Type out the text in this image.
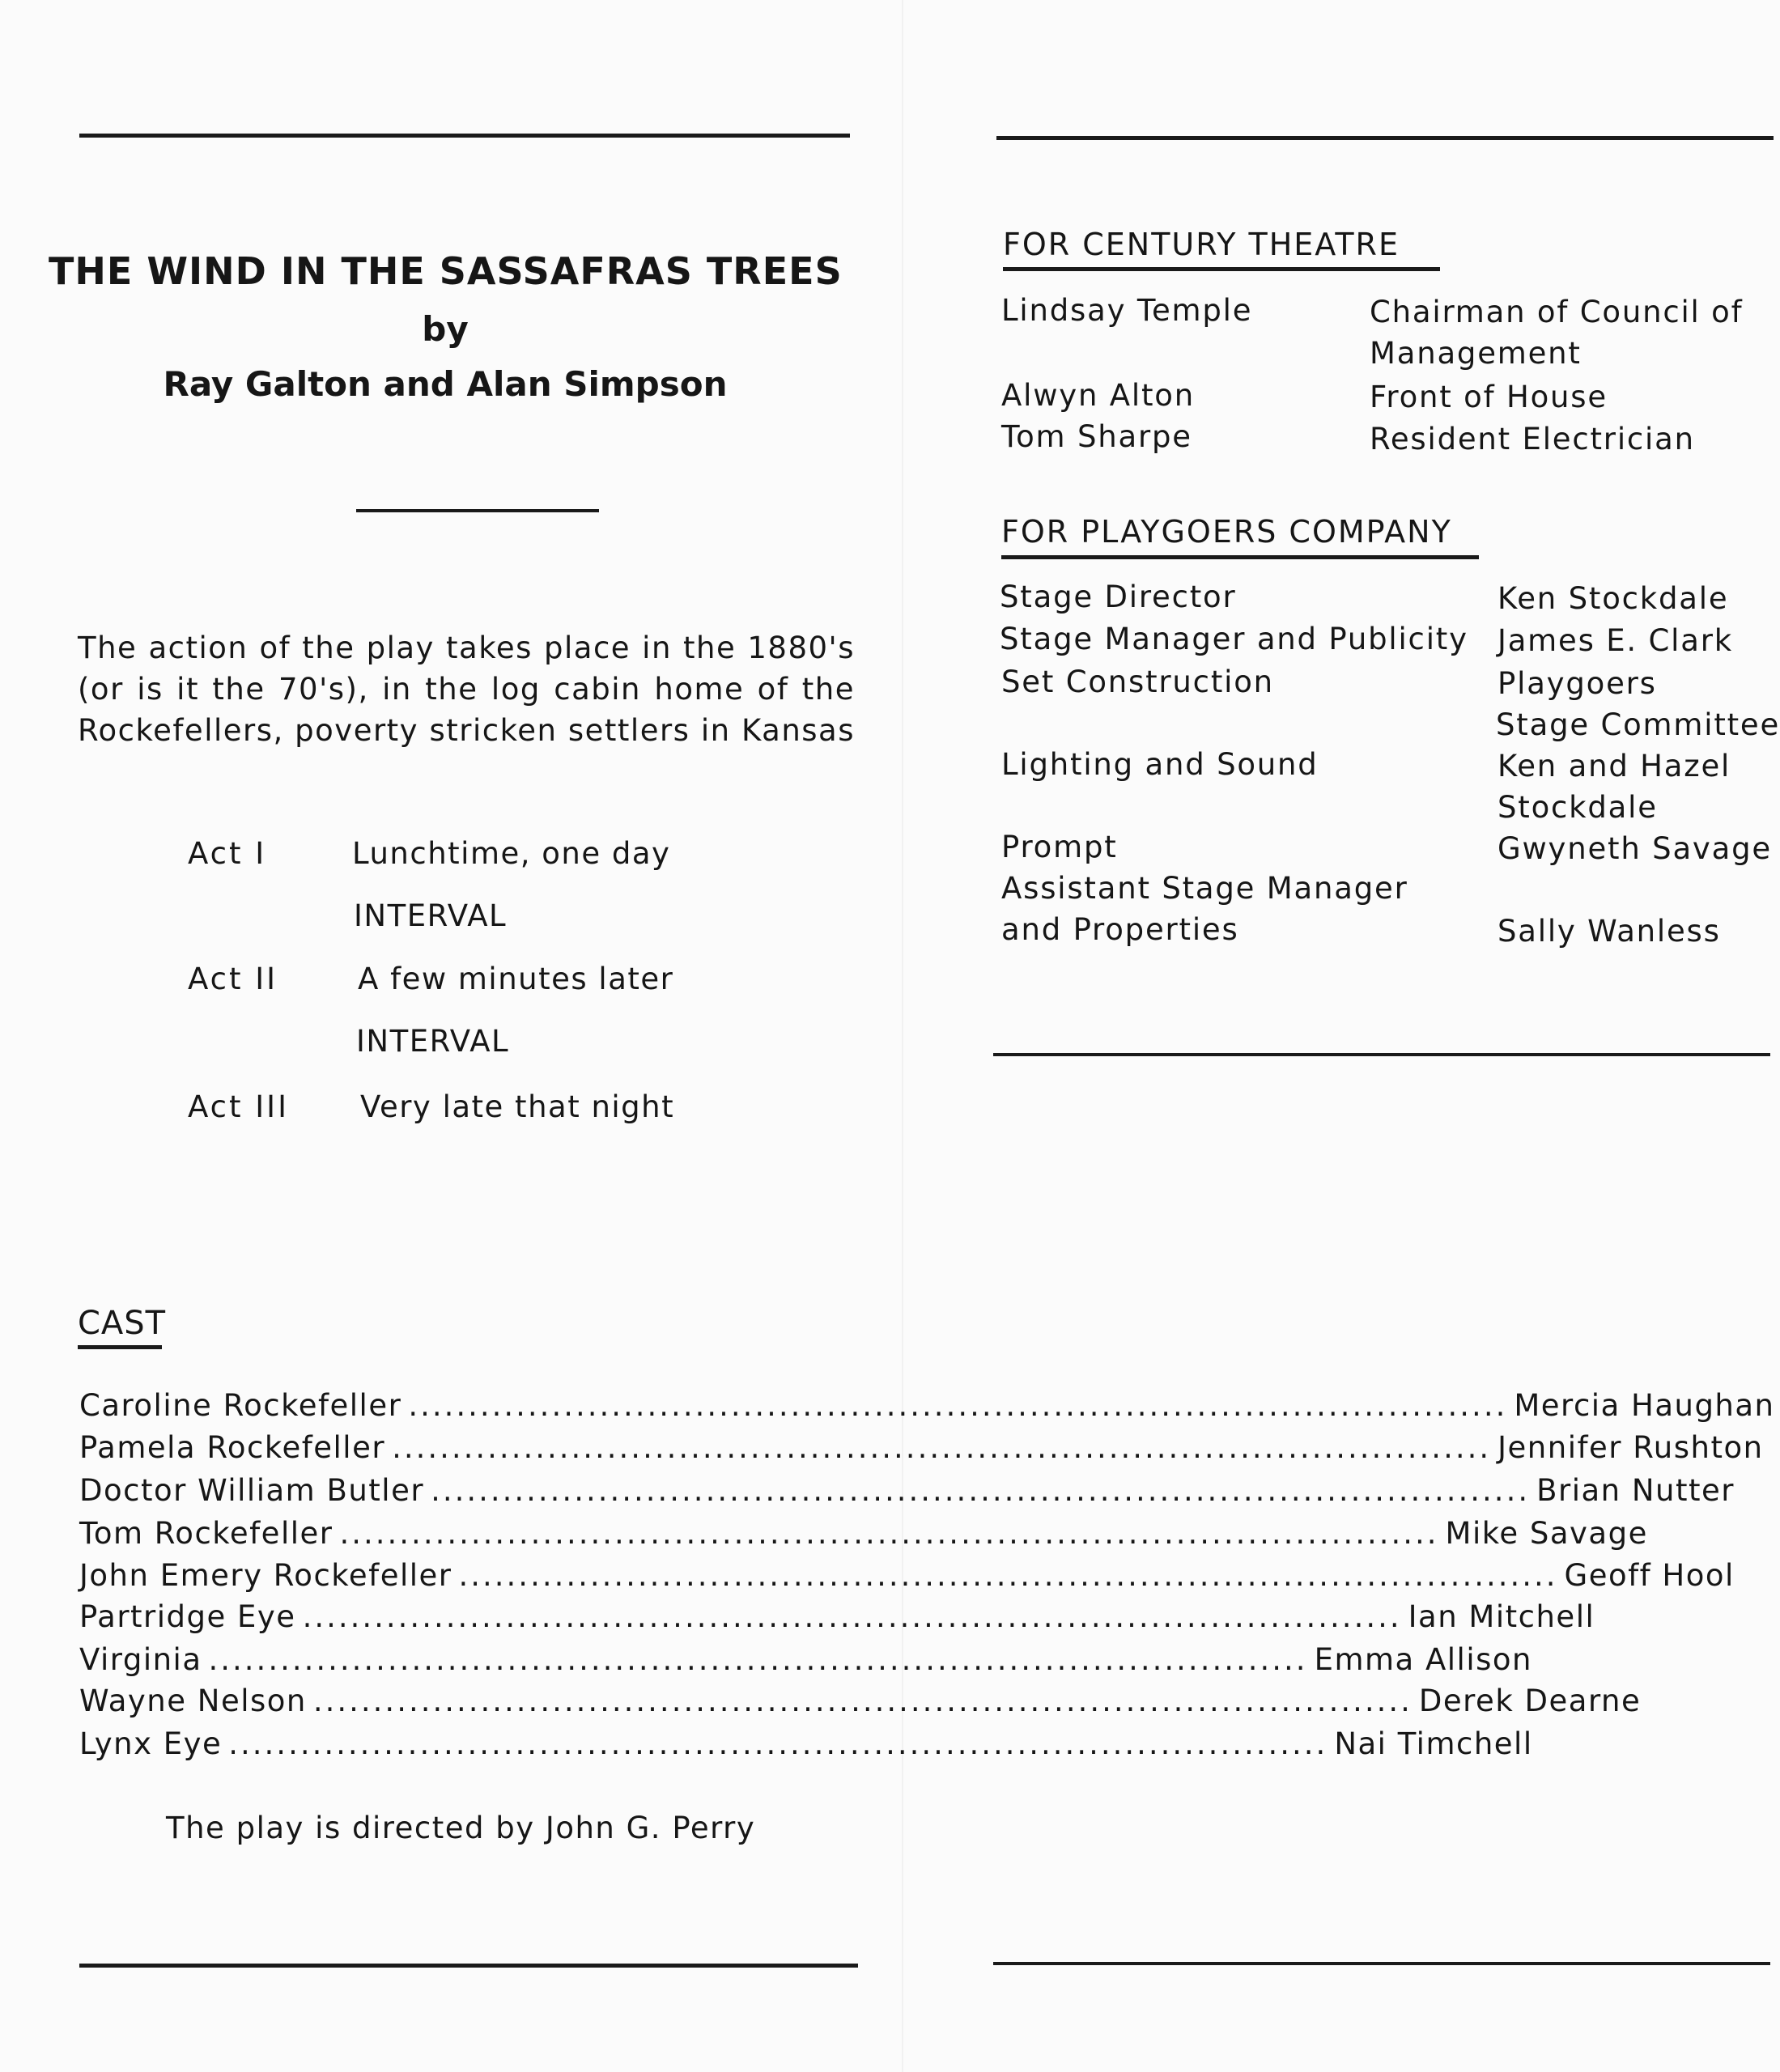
THE WIND IN THE SASSAFRAS TREES
by
Ray Galton and Alan Simpson
The action of the play takes place in the 1880's
(or is it the 70's), in the log cabin home of the
Rockefellers, poverty stricken settlers in Kansas
Act I	Lunchtime, one day
INTERVAL
Act II	A few minutes later
INTERVAL
Act III Very late that night
CAST
Caroline Rockefeller ............................................................................................ Mercia Haughan
Pamela Rockefeller ............................................................................................ Jennifer Rushton
Doctor William Butler ............................................................................................ Brian Nutter
Tom Rockefeller ............................................................................................ Mike Savage
John Emery Rockefeller ............................................................................................ Geoff Hool
Partridge Eye ............................................................................................ Ian Mitchell
Virginia ............................................................................................ Emma Allison
Wayne Nelson ............................................................................................ Derek Dearne
Lynx Eye ............................................................................................ Nai Timchell
The play is directed by John G. Perry
FOR CENTURY THEATRE
Lindsay Temple	Chairman of Council of
Management
Alwyn Alton	Front of House
Tom Sharpe	Resident Electrician
FOR PLAYGOERS COMPANY
Stage Director	Ken Stockdale
Stage Manager and Publicity James E. Clark
Set Construction	Playgoers
Stage Committee
Lighting and Sound	Ken and Hazel
Stockdale
Prompt	Gwyneth Savage
Assistant Stage Manager
and Properties	Sally Wanless
